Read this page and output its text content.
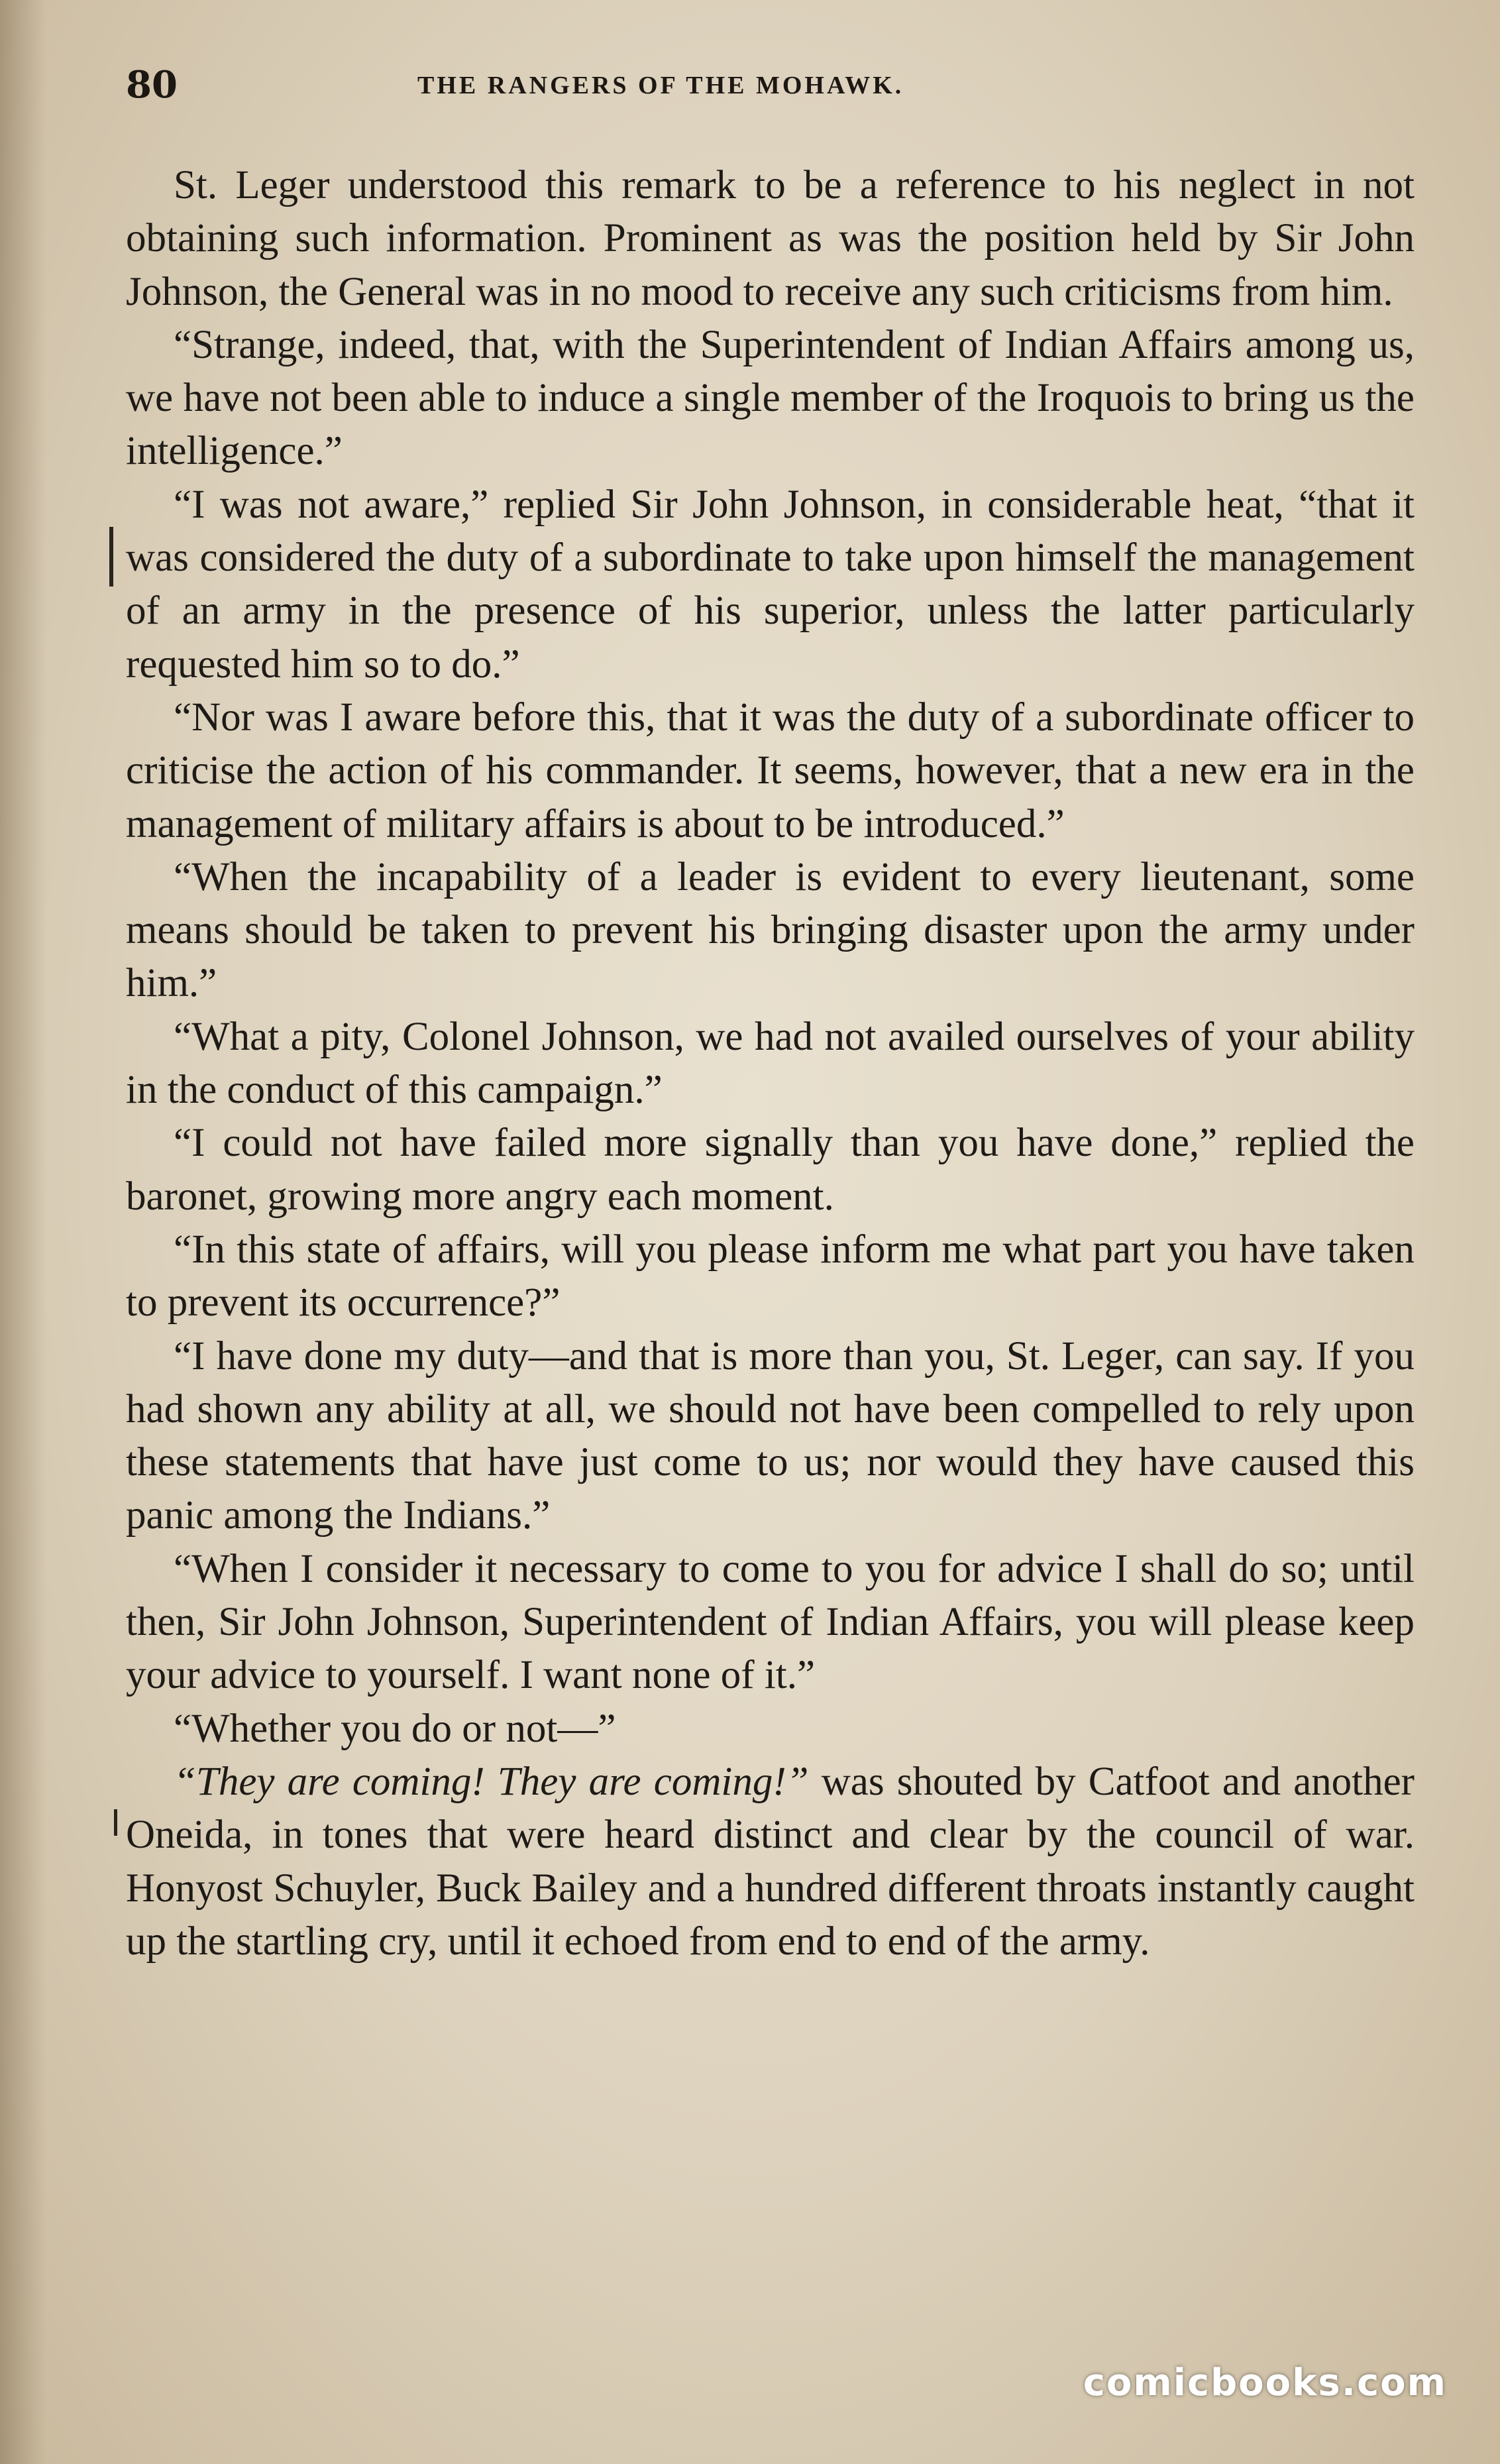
80	THE RANGERS OF THE MOHAWK.

St. Leger understood this remark to be a reference to his neglect in not obtaining such information. Prominent as was the position held by Sir John Johnson, the General was in no mood to receive any such criticisms from him.

“Strange, indeed, that, with the Superintendent of Indian Affairs among us, we have not been able to induce a single member of the Iroquois to bring us the intelligence.”

“I was not aware,” replied Sir John Johnson, in considerable heat, “that it was considered the duty of a subordinate to take upon himself the management of an army in the presence of his superior, unless the latter particularly requested him so to do.”

“Nor was I aware before this, that it was the duty of a subordinate officer to criticise the action of his commander. It seems, however, that a new era in the management of military affairs is about to be introduced.”

“When the incapability of a leader is evident to every lieutenant, some means should be taken to prevent his bringing disaster upon the army under him.”

“What a pity, Colonel Johnson, we had not availed ourselves of your ability in the conduct of this campaign.”

“I could not have failed more signally than you have done,” replied the baronet, growing more angry each moment.

“In this state of affairs, will you please inform me what part you have taken to prevent its occurrence?”

“I have done my duty—and that is more than you, St. Leger, can say. If you had shown any ability at all, we should not have been compelled to rely upon these statements that have just come to us; nor would they have caused this panic among the Indians.”

“When I consider it necessary to come to you for advice I shall do so; until then, Sir John Johnson, Superintendent of Indian Affairs, you will please keep your advice to yourself. I want none of it.”

“Whether you do or not—”

“They are coming! They are coming!” was shouted by Catfoot and another Oneida, in tones that were heard distinct and clear by the council of war. Honyost Schuyler, Buck Bailey and a hundred different throats instantly caught up the startling cry, until it echoed from end to end of the army.

comicbooks.com
